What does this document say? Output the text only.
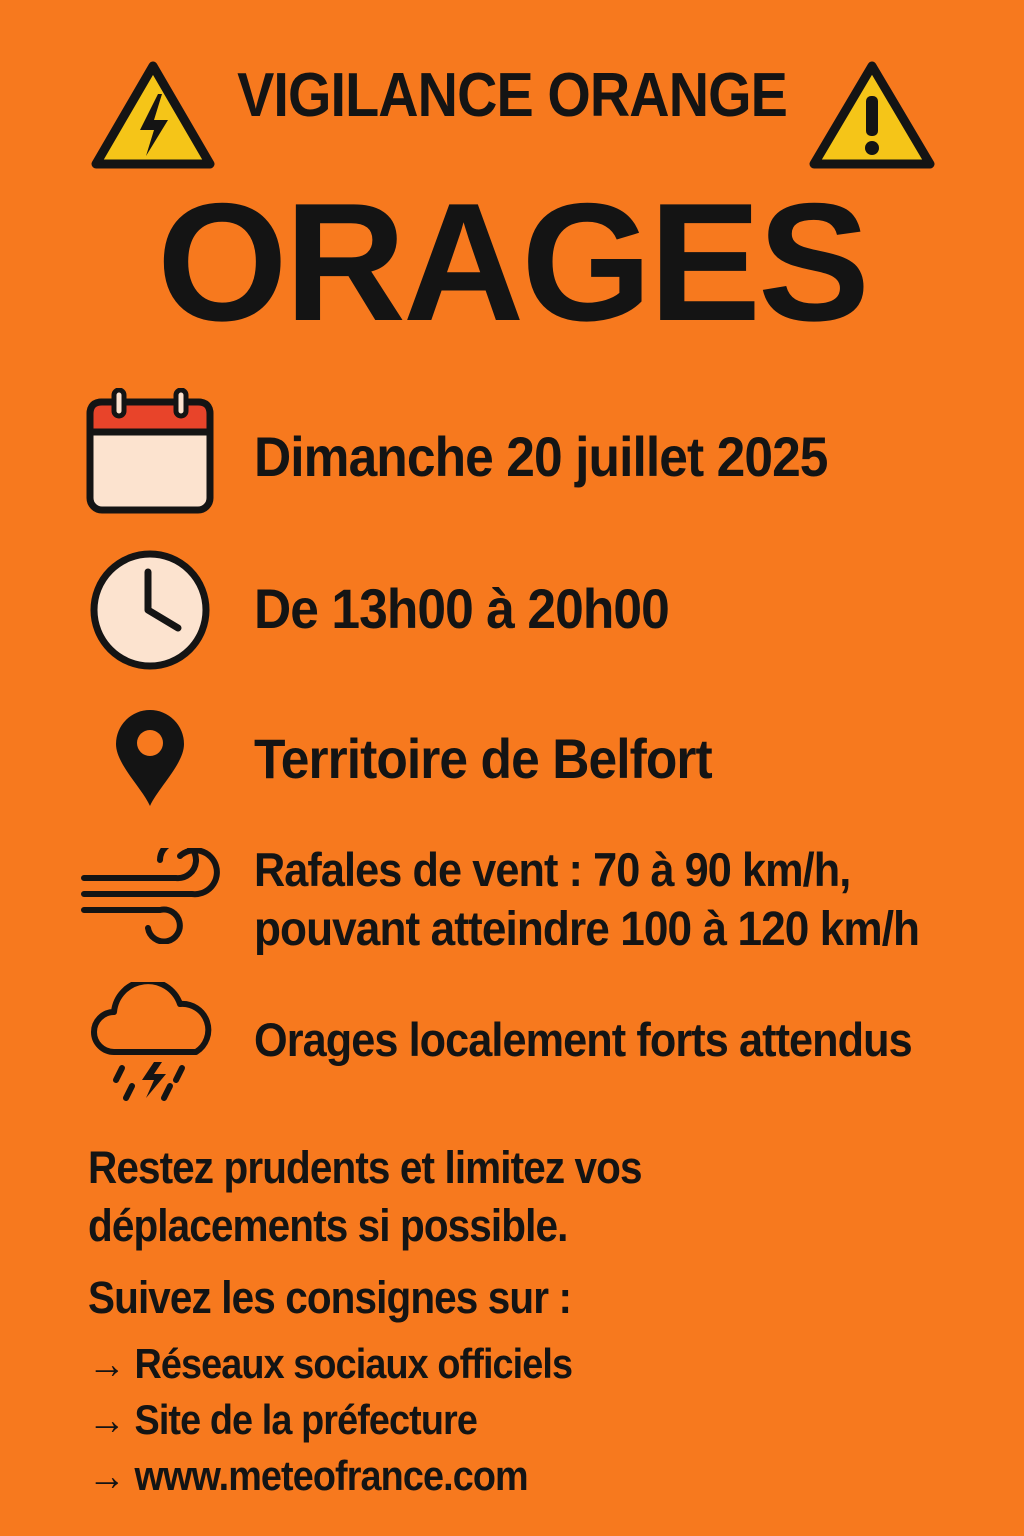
VIGILANCE ORANGE
ORAGES
Dimanche 20 juillet 2025
De 13h00 à 20h00
Territoire de Belfort
Rafales de vent : 70 à 90 km/h,
pouvant atteindre 100 à 120 km/h
Orages localement forts attendus
Restez prudents et limitez vos
déplacements si possible.
Suivez les consignes sur :
→ Réseaux sociaux officiels
→ Site de la préfecture
→ www.meteofrance.com
